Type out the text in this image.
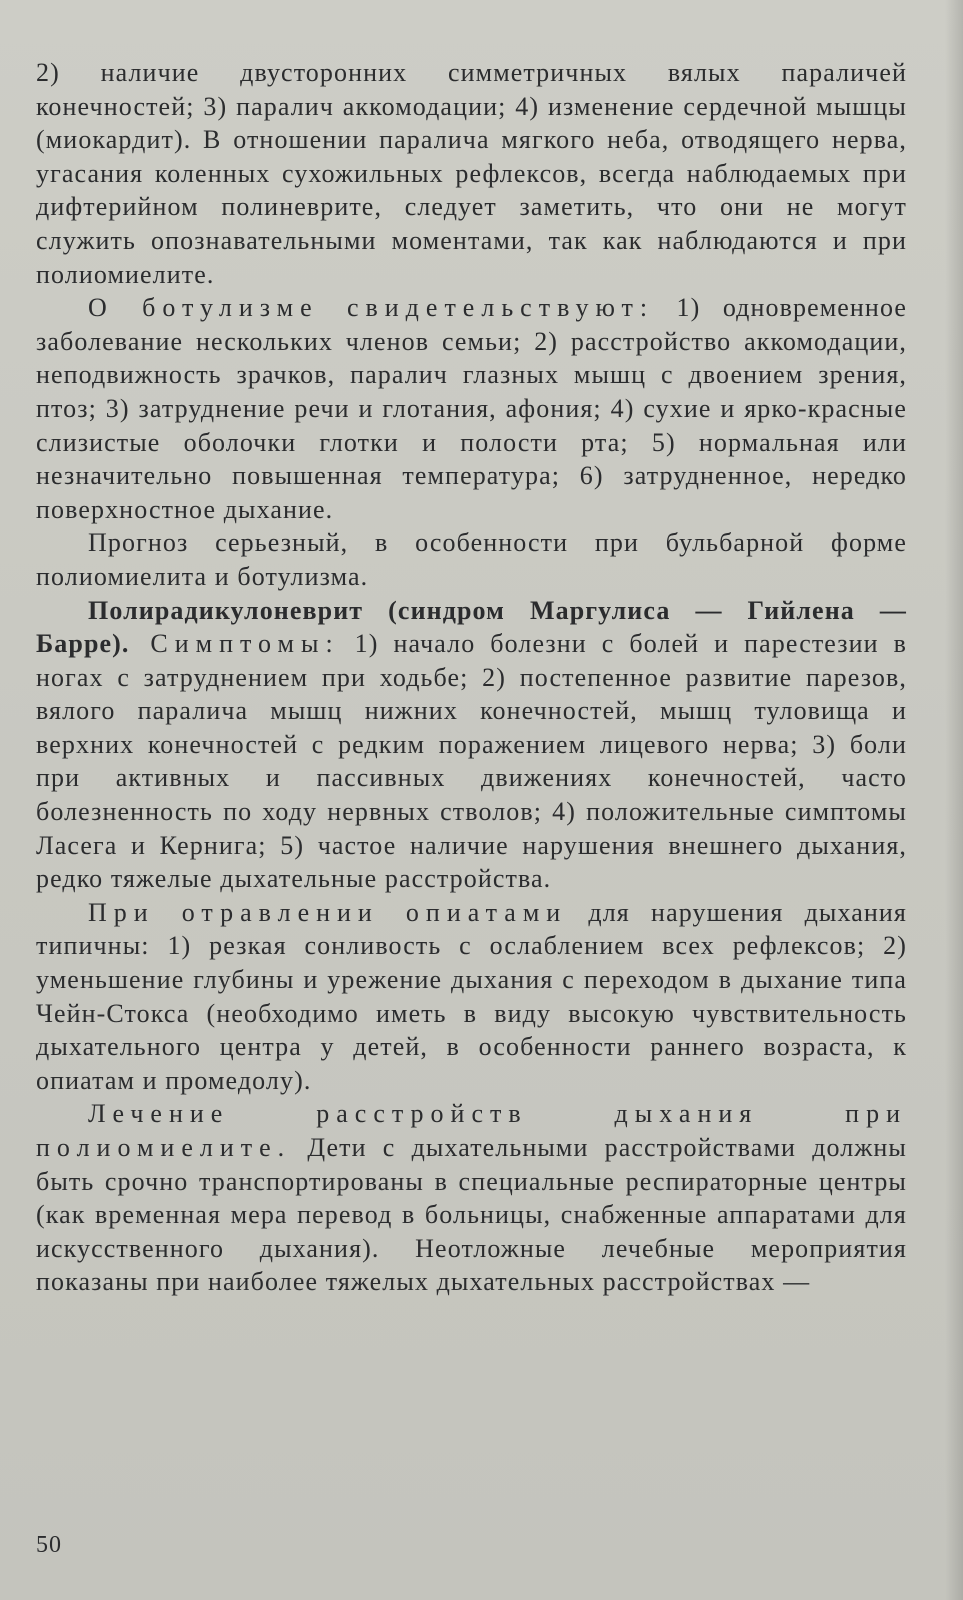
2) наличие двусторонних симметричных вялых параличей конечностей; 3) паралич аккомодации; 4) изменение сердечной мышцы (миокардит). В отношении паралича мягкого неба, отводящего нерва, угасания коленных сухожильных рефлексов, всегда наблюдаемых при дифтерийном полиневрите, следует заметить, что они не могут служить опознавательными моментами, так как наблюдаются и при полиомиелите.

О ботулизме свидетельствуют: 1) одновременное заболевание нескольких членов семьи; 2) расстройство аккомодации, неподвижность зрачков, паралич глазных мышц с двоением зрения, птоз; 3) затруднение речи и глотания, афония; 4) сухие и ярко-красные слизистые оболочки глотки и полости рта; 5) нормальная или незначительно повышенная температура; 6) затрудненное, нередко поверхностное дыхание.

Прогноз серьезный, в особенности при бульбарной форме полиомиелита и ботулизма.

Полирадикулоневрит (синдром Маргулиса — Гийлена — Барре). Симптомы: 1) начало болезни с болей и парестезии в ногах с затруднением при ходьбе; 2) постепенное развитие парезов, вялого паралича мышц нижних конечностей, мышц туловища и верхних конечностей с редким поражением лицевого нерва; 3) боли при активных и пассивных движениях конечностей, часто болезненность по ходу нервных стволов; 4) положительные симптомы Ласега и Кернига; 5) частое наличие нарушения внешнего дыхания, редко тяжелые дыхательные расстройства.

При отравлении опиатами для нарушения дыхания типичны: 1) резкая сонливость с ослаблением всех рефлексов; 2) уменьшение глубины и урежение дыхания с переходом в дыхание типа Чейн-Стокса (необходимо иметь в виду высокую чувствительность дыхательного центра у детей, в особенности раннего возраста, к опиатам и промедолу).

Лечение расстройств дыхания при полиомиелите. Дети с дыхательными расстройствами должны быть срочно транспортированы в специальные респираторные центры (как временная мера перевод в больницы, снабженные аппаратами для искусственного дыхания). Неотложные лечебные мероприятия показаны при наиболее тяжелых дыхательных расстройствах —

50
